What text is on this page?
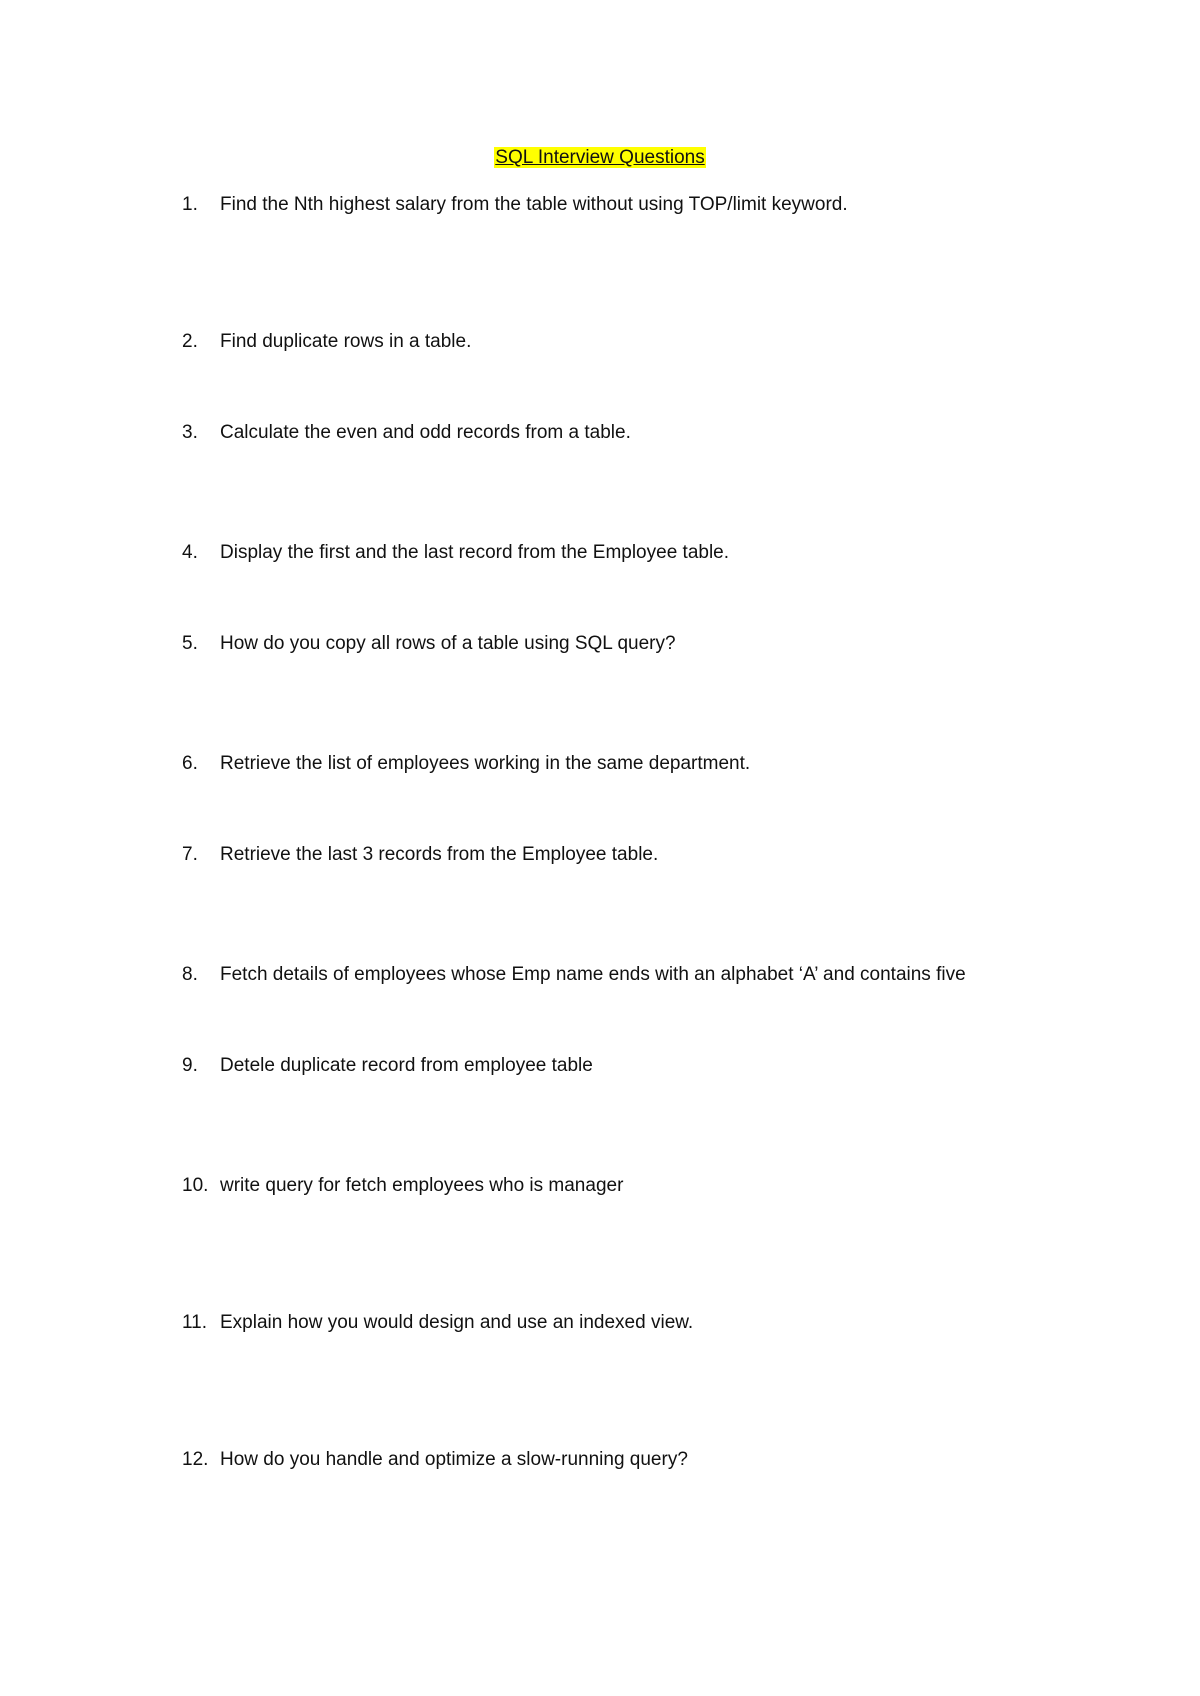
SQL Interview Questions
1.	Find the Nth highest salary from the table without using TOP/limit keyword.
2.	Find duplicate rows in a table.
3.	Calculate the even and odd records from a table.
4.	Display the first and the last record from the Employee table.
5.	How do you copy all rows of a table using SQL query?
6.	Retrieve the list of employees working in the same department.
7.	Retrieve the last 3 records from the Employee table.
8.	Fetch details of employees whose Emp name ends with an alphabet ‘A’ and contains five
9.	Detele duplicate record from employee table
10. write query for fetch employees who is manager
11. Explain how you would design and use an indexed view.
12. How do you handle and optimize a slow-running query?
